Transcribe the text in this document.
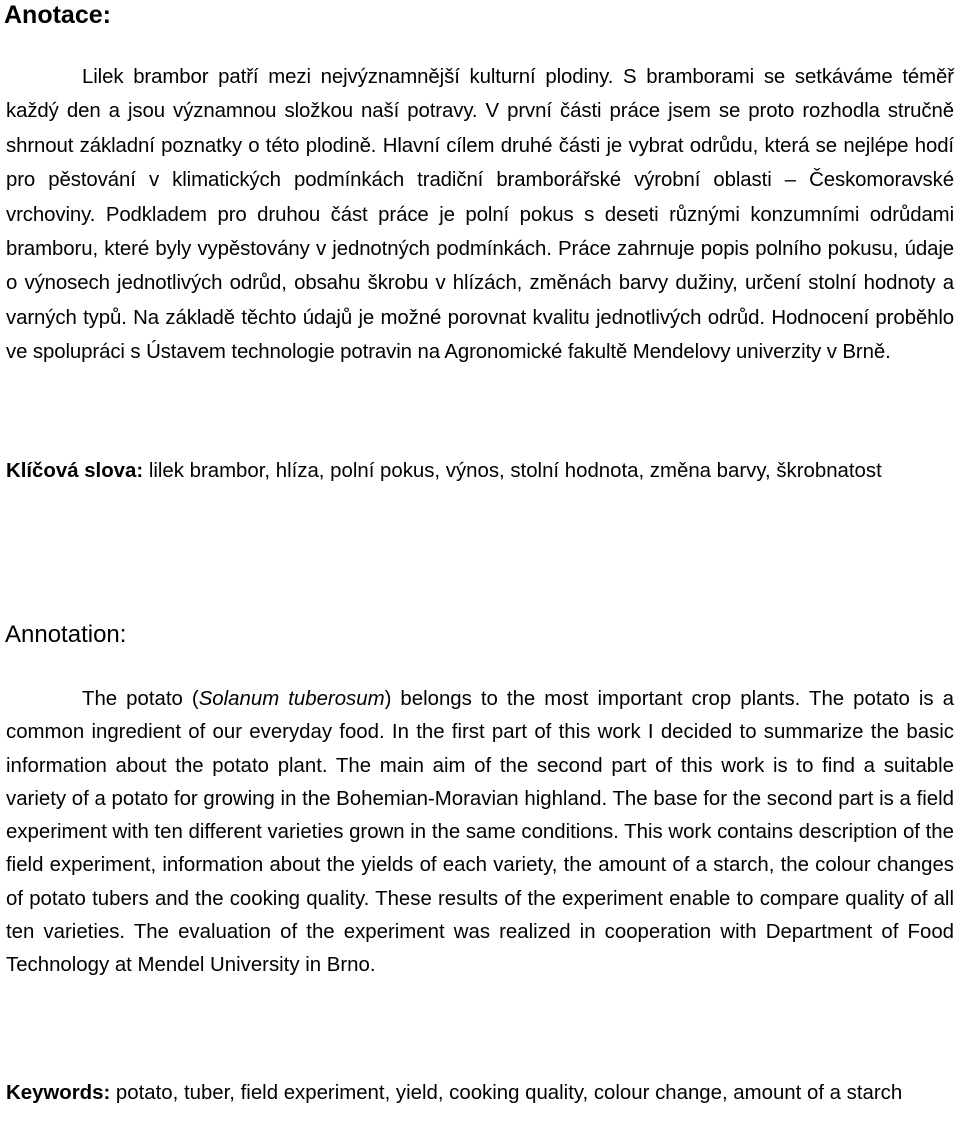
Anotace:

Lilek brambor patří mezi nejvýznamnější kulturní plodiny. S bramborami se setkáváme téměř každý den a jsou významnou složkou naší potravy. V první části práce jsem se proto rozhodla stručně shrnout základní poznatky o této plodině. Hlavní cílem druhé části je vybrat odrůdu, která se nejlépe hodí pro pěstování v klimatických podmínkách tradiční bramborářské výrobní oblasti – Českomoravské vrchoviny. Podkladem pro druhou část práce je polní pokus s deseti různými konzumními odrůdami bramboru, které byly vypěstovány v jednotných podmínkách. Práce zahrnuje popis polního pokusu, údaje o výnosech jednotlivých odrůd, obsahu škrobu v hlízách, změnách barvy dužiny, určení stolní hodnoty a varných typů. Na základě těchto údajů je možné porovnat kvalitu jednotlivých odrůd. Hodnocení proběhlo ve spolupráci s Ústavem technologie potravin na Agronomické fakultě Mendelovy univerzity v Brně.

Klíčová slova: lilek brambor, hlíza, polní pokus, výnos, stolní hodnota, změna barvy, škrobnatost

Annotation:

The potato (Solanum tuberosum) belongs to the most important crop plants. The potato is a common ingredient of our everyday food. In the first part of this work I decided to summarize the basic information about the potato plant. The main aim of the second part of this work is to find a suitable variety of a potato for growing in the Bohemian-Moravian highland. The base for the second part is a field experiment with ten different varieties grown in the same conditions. This work contains description of the field experiment, information about the yields of each variety, the amount of a starch, the colour changes of potato tubers and the cooking quality. These results of the experiment enable to compare quality of all ten varieties. The evaluation of the experiment was realized in cooperation with Department of Food Technology at Mendel University in Brno.

Keywords: potato, tuber, field experiment, yield, cooking quality, colour change, amount of a starch
